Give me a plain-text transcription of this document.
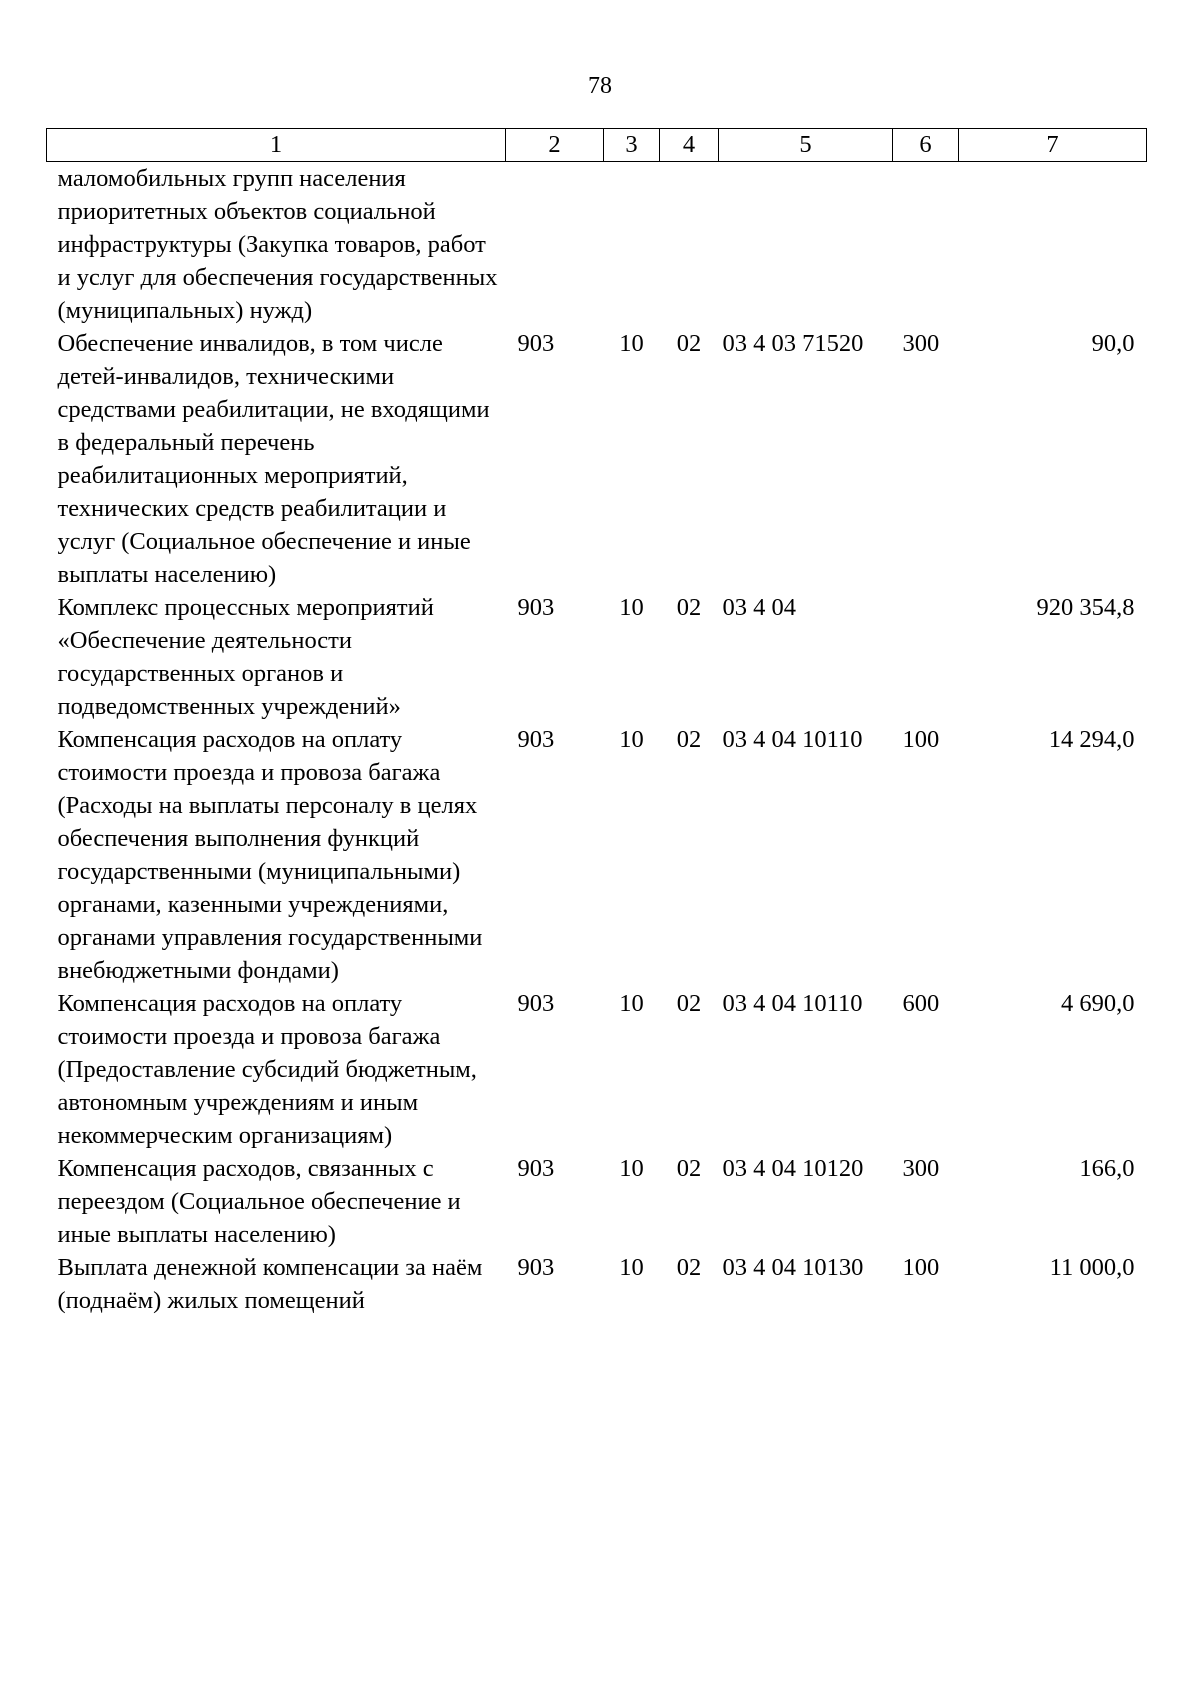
78
1	2	3	4	5	6	7
маломобильных групп населения приоритетных объектов социальной инфраструктуры (Закупка товаров, работ и услуг для обеспечения государственных (муниципальных) нужд)						
Обеспечение инвалидов, в том числе детей-инвалидов, техническими средствами реабилитации, не входящими в федеральный перечень реабилитационных мероприятий, технических средств реабилитации и услуг (Социальное обеспечение и иные выплаты населению)	903	10	02	03 4 03 71520	300	90,0
Комплекс процессных мероприятий «Обеспечение деятельности государственных органов и подведомственных учреждений»	903	10	02	03 4 04		920 354,8
Компенсация расходов на оплату стоимости проезда и провоза багажа (Расходы на выплаты персоналу в целях обеспечения выполнения функций государственными (муниципальными) органами, казенными учреждениями, органами управления государственными внебюджетными фондами)	903	10	02	03 4 04 10110	100	14 294,0
Компенсация расходов на оплату стоимости проезда и провоза багажа (Предоставление субсидий бюджетным, автономным учреждениям и иным некоммерческим организациям)	903	10	02	03 4 04 10110	600	4 690,0
Компенсация расходов, связанных с переездом (Социальное обеспечение и иные выплаты населению)	903	10	02	03 4 04 10120	300	166,0
Выплата денежной компенсации за наём (поднаём) жилых помещений	903	10	02	03 4 04 10130	100	11 000,0
